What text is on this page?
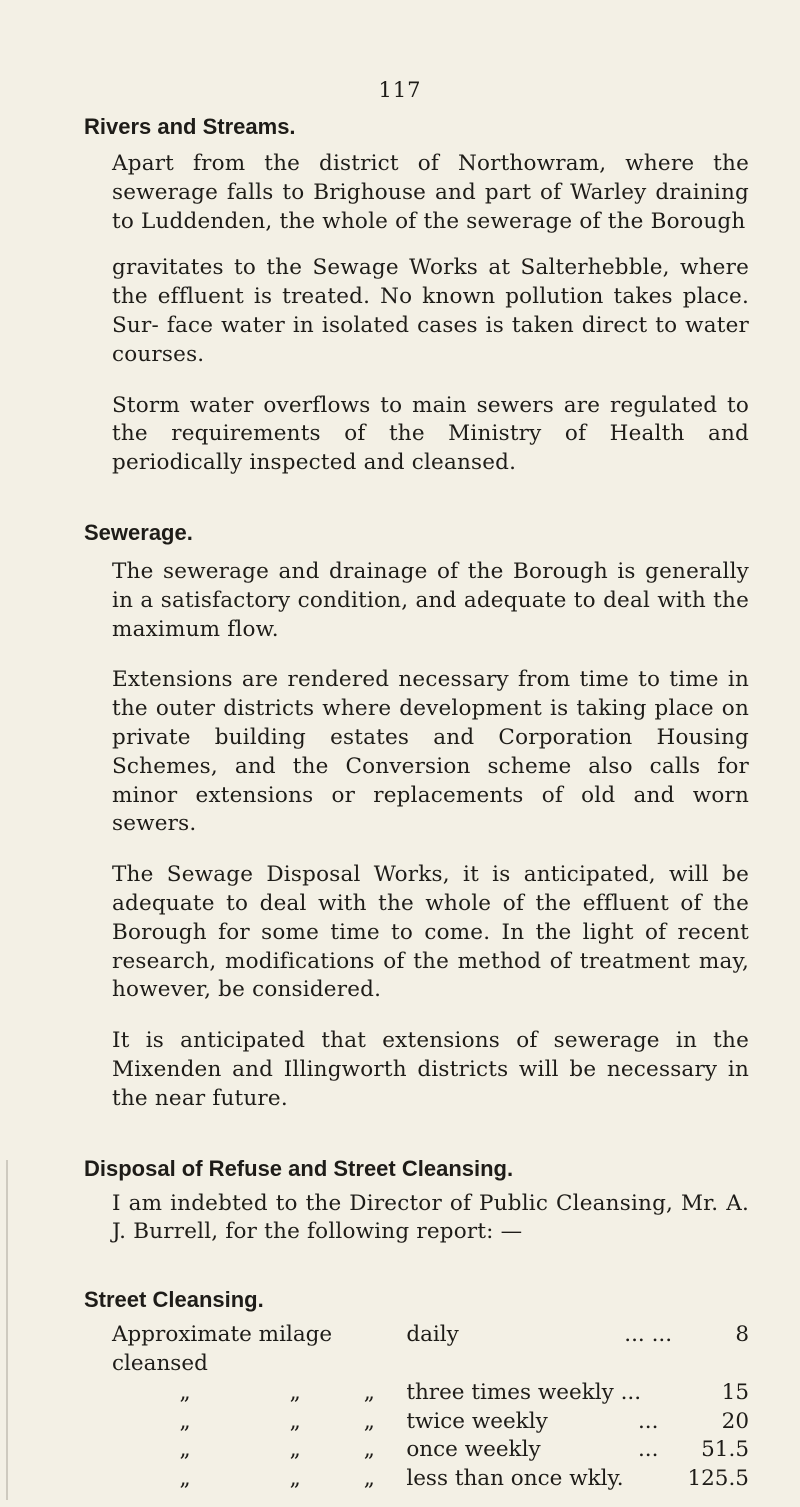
117
Rivers and Streams.

Apart from the district of Northowram, where the sewerage falls to Brighouse and part of Warley draining to Luddenden, the whole of the sewerage of the Borough

gravitates to the Sewage Works at Salterhebble, where the effluent is treated. No known pollution takes place. Sur- face water in isolated cases is taken direct to water courses.

Storm water overflows to main sewers are regulated to the requirements of the Ministry of Health and periodically inspected and cleansed.

Sewerage.

The sewerage and drainage of the Borough is generally in a satisfactory condition, and adequate to deal with the maximum flow.

Extensions are rendered necessary from time to time in the outer districts where development is taking place on private building estates and Corporation Housing Schemes, and the Conversion scheme also calls for minor extensions or replacements of old and worn sewers.

The Sewage Disposal Works, it is anticipated, will be adequate to deal with the whole of the effluent of the Borough for some time to come. In the light of recent research, modifications of the method of treatment may, however, be considered.

It is anticipated that extensions of sewerage in the Mixenden and Illingworth districts will be necessary in the near future.

Disposal of Refuse and Street Cleansing.

I am indebted to the Director of Public Cleansing, Mr. A. J. Burrell, for the following report: —

Street Cleansing.
Approximate milage cleansed			daily	... ...	8
„	„	„	three times weekly ...		15
„	„	„	twice weekly	...	20
„	„	„	once weekly	...	51.5
„	„	„	less than once wkly.		125.5
